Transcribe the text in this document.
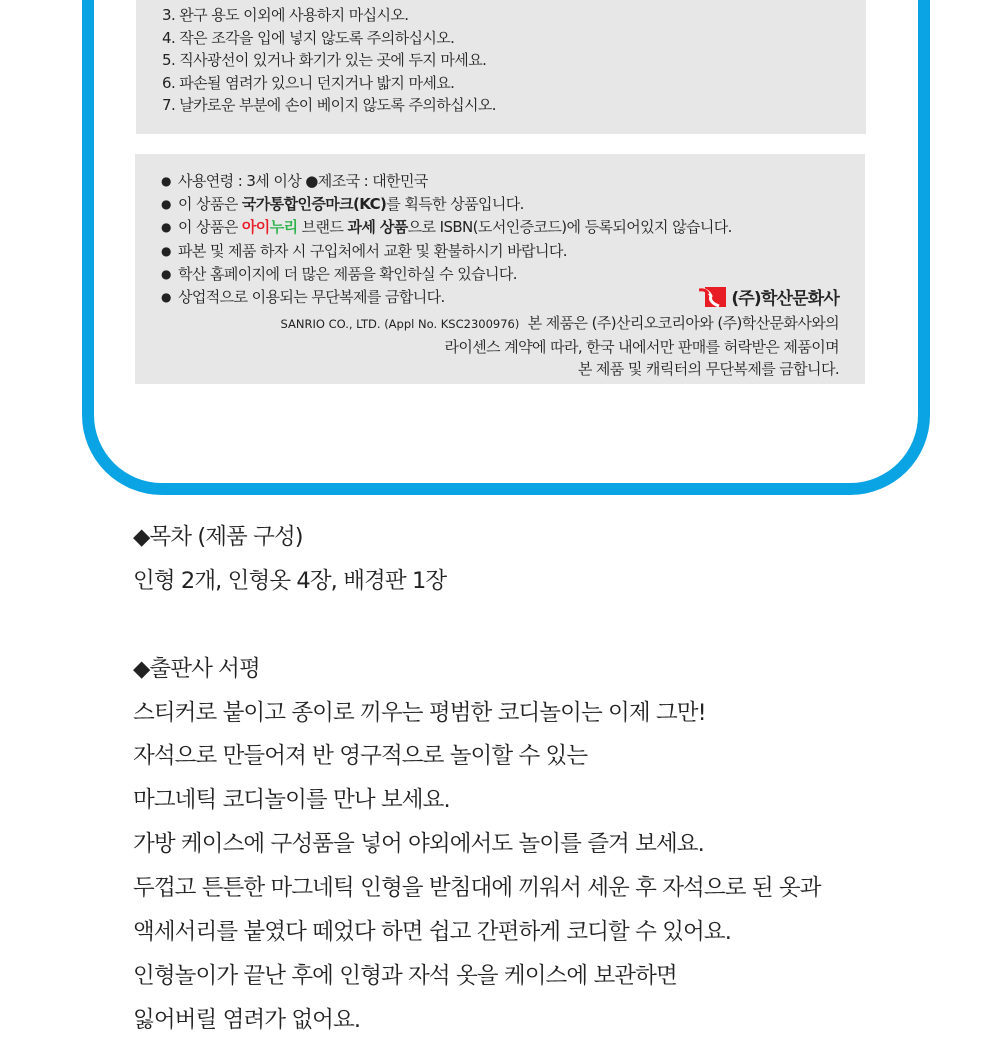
3. 완구 용도 이외에 사용하지 마십시오.
4. 작은 조각을 입에 넣지 않도록 주의하십시오.
5. 직사광선이 있거나 화기가 있는 곳에 두지 마세요.
6. 파손될 염려가 있으니 던지거나 밟지 마세요.
7. 날카로운 부분에 손이 베이지 않도록 주의하십시오.
● 사용연령 : 3세 이상 ●제조국 : 대한민국
● 이 상품은 국가통합인증마크(KC)를 획득한 상품입니다.
● 이 상품은 아이누리 브랜드 과세 상품으로 ISBN(도서인증코드)에 등록되어있지 않습니다.
● 파본 및 제품 하자 시 구입처에서 교환 및 환불하시기 바랍니다.
● 학산 홈페이지에 더 많은 제품을 확인하실 수 있습니다.
● 상업적으로 이용되는 무단복제를 금합니다.	(주)학산문화사
SANRIO CO., LTD. (Appl No. KSC2300976) 본 제품은 (주)산리오코리아와 (주)학산문화사와의
라이센스 계약에 따라, 한국 내에서만 판매를 허락받은 제품이며
본 제품 및 캐릭터의 무단복제를 금합니다.
◆목차 (제품 구성)
인형 2개, 인형옷 4장, 배경판 1장
◆출판사 서평
스티커로 붙이고 종이로 끼우는 평범한 코디놀이는 이제 그만!
자석으로 만들어져 반 영구적으로 놀이할 수 있는
마그네틱 코디놀이를 만나 보세요.
가방 케이스에 구성품을 넣어 야외에서도 놀이를 즐겨 보세요.
두껍고 튼튼한 마그네틱 인형을 받침대에 끼워서 세운 후 자석으로 된 옷과
액세서리를 붙였다 떼었다 하면 쉽고 간편하게 코디할 수 있어요.
인형놀이가 끝난 후에 인형과 자석 옷을 케이스에 보관하면
잃어버릴 염려가 없어요.
